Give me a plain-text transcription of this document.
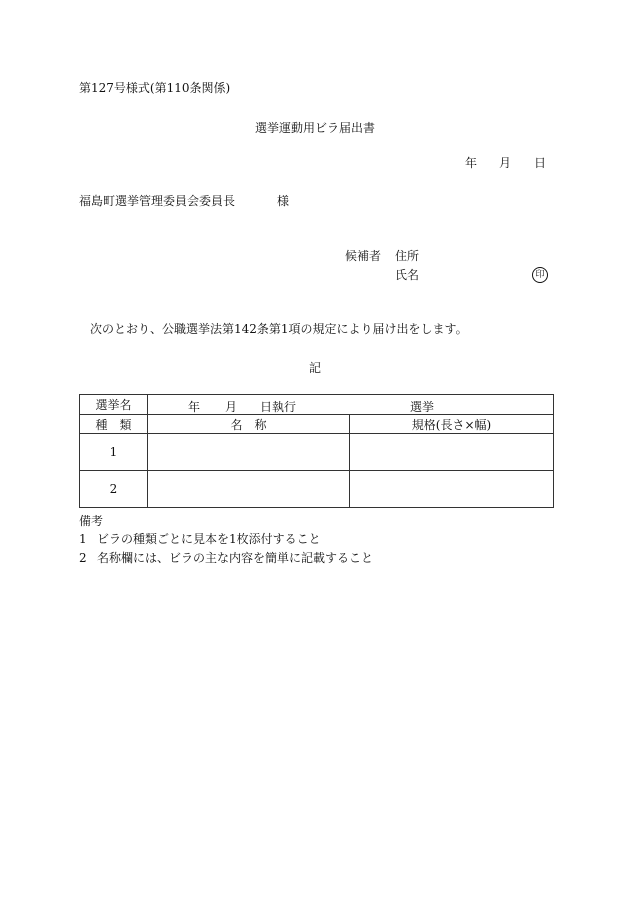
第127号様式(第110条関係)
選挙運動用ビラ届出書
年 月 日
福島町選挙管理委員会委員長	様
候補者 住所
氏名	印
次のとおり、公職選挙法第142条第1項の規定により届け出をします。
記
選挙名	年 月 日執行 選挙	

種　類	名　称	規格(長さ×幅)
1		
2		
備考
1 ビラの種類ごとに見本を1枚添付すること
2 名称欄には、ビラの主な内容を簡単に記載すること
